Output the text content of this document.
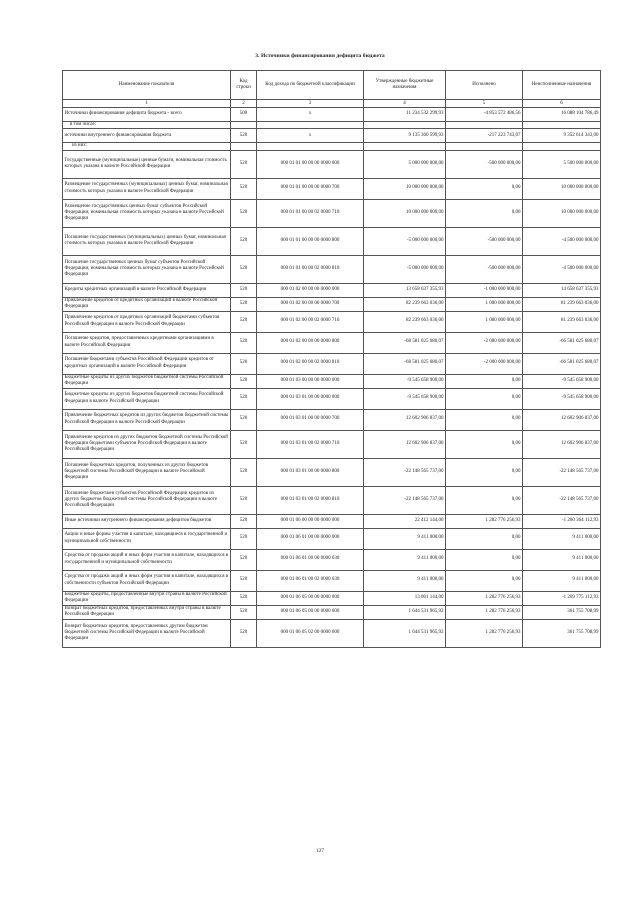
3. Источники финансирования дефицита бюджета
Наименование показателя	Код строки	Код дохода по бюджетной классификации	Утвержденные бюджетные назначения	Исполнено	Неисполненные назначения
1	2	3	4	5	6
Источники финансирования дефицита бюджета - всего	500	x	11 234 532 299,93	-4 853 572 486,56	16 088 104 786,49
в том числе:					
источники внутреннего финансирования бюджета	520	x	9 135 360 599,93	-217 223 743,07	9 352 614 343,00
из них:					
Государственные (муниципальные) ценные бумаги, номинальная стоимость которых указана в валюте Российской Федерации	520	000 01 01 00 00 00 0000 000	5 000 000 000,00	-500 000 000,00	5 500 000 000,00
Размещение государственных (муниципальных) ценных бумаг, номинальная стоимость которых указана в валюте Российской Федерации	520	000 01 01 00 00 00 0000 700	10 000 000 000,00	0,00	10 000 000 000,00
Размещение государственных ценных бумаг субъектов Российской Федерации, номинальная стоимость которых указана в валюте Российской Федерации	520	000 01 01 00 00 02 0000 710	10 000 000 000,00	0,00	10 000 000 000,00
Погашение государственных (муниципальных) ценных бумаг, номинальная стоимость которых указана в валюте Российской Федерации	520	000 01 01 00 00 00 0000 800	-5 000 000 000,00	-500 000 000,00	-4 500 000 000,00
Погашение государственных ценных бумаг субъектов Российской Федерации, номинальная стоимость которых указана в валюте Российской Федерации	520	000 01 01 00 00 02 0000 810	-5 000 000 000,00	-500 000 000,00	-4 500 000 000,00
Кредиты кредитных организаций в валюте Российской Федерации	520	000 01 02 00 00 00 0000 000	13 658 637 355,93	-1 000 000 000,00	14 658 637 355,93
Привлечение кредитов от кредитных организаций в валюте Российской Федерации	520	000 01 02 00 00 00 0000 700	82 239 663 036,00	1 000 000 000,00	81 239 663 036,00
Привлечение кредитов от кредитных организаций бюджетами субъектов Российской Федерации в валюте Российской Федерации	520	000 01 02 00 00 02 0000 710	82 239 663 036,00	1 000 000 000,00	81 239 663 036,00
Погашение кредитов, предоставленных кредитными организациями в валюте Российской Федерации	520	000 01 02 00 00 00 0000 800	-68 581 025 680,07	-2 000 000 000,00	-66 581 025 680,07
Погашение бюджетами субъектов Российской Федерации кредитов от кредитных организаций в валюте Российской Федерации	520	000 01 02 00 00 02 0000 810	-68 581 025 680,07	-2 000 000 000,00	-66 581 025 680,07
Бюджетные кредиты из других бюджетов бюджетной системы Российской Федерации	520	000 01 03 00 00 00 0000 000	-9 545 658 900,00	0,00	-9 545 658 900,00
Бюджетные кредиты из других бюджетов бюджетной системы Российской Федерации в валюте Российской Федерации	520	000 01 03 01 00 00 0000 000	-9 545 658 900,00	0,00	-9 545 658 900,00
Привлечение бюджетных кредитов из других бюджетов бюджетной системы Российской Федерации в валюте Российской Федерации	520	000 01 03 01 00 00 0000 700	12 602 906 837,00	0,00	12 602 906 837,00
Привлечение кредитов из других бюджетов бюджетной системы Российской Федерации бюджетами субъектов Российской Федерации в валюте Российской Федерации	520	000 01 03 01 00 02 0000 710	12 602 906 837,00	0,00	12 602 906 837,00
Погашение бюджетных кредитов, полученных из других бюджетов бюджетной системы Российской Федерации в валюте Российской Федерации	520	000 01 03 01 00 00 0000 800	-22 148 565 737,00	0,00	-22 148 565 737,00
Погашение бюджетами субъектов Российской Федерации кредитов из других бюджетов бюджетной системы Российской Федерации в валюте Российской Федерации	520	000 01 03 01 00 02 0000 810	-22 148 565 737,00	0,00	-22 148 565 737,00
Иные источники внутреннего финансирования дефицитов бюджетов	520	000 01 06 00 00 00 0000 000	22 412 144,00	1 282 776 256,93	-1 260 364 112,93
Акции и иные формы участия в капитале, находящиеся в государственной и муниципальной собственности	520	000 01 06 01 00 00 0000 000	9 411 000,00	0,00	9 411 000,00
Средства от продажи акций и иных форм участия в капитале, находящихся в государственной и муниципальной собственности	520	000 01 06 01 00 00 0000 630	9 411 000,00	0,00	9 411 000,00
Средства от продажи акций и иных форм участия в капитале, находящихся в собственности субъектов Российской Федерации	520	000 01 06 01 00 02 0000 630	9 411 000,00	0,00	9 411 000,00
Бюджетные кредиты, предоставленные внутри страны в валюте Российской Федерации	520	000 01 06 05 00 00 0000 000	13 001 144,00	1 282 776 256,93	-1 269 775 112,93
Возврат бюджетных кредитов, предоставленных внутри страны в валюте Российской Федерации	520	000 01 06 05 00 00 0000 600	1 644 531 965,92	1 282 776 256,93	361 755 708,99
Возврат бюджетных кредитов, предоставленных другим бюджетам бюджетной системы Российской Федерации в валюте Российской Федерации	520	000 01 06 05 02 00 0000 600	1 644 531 965,92	1 282 776 256,93	361 755 708,99
127
